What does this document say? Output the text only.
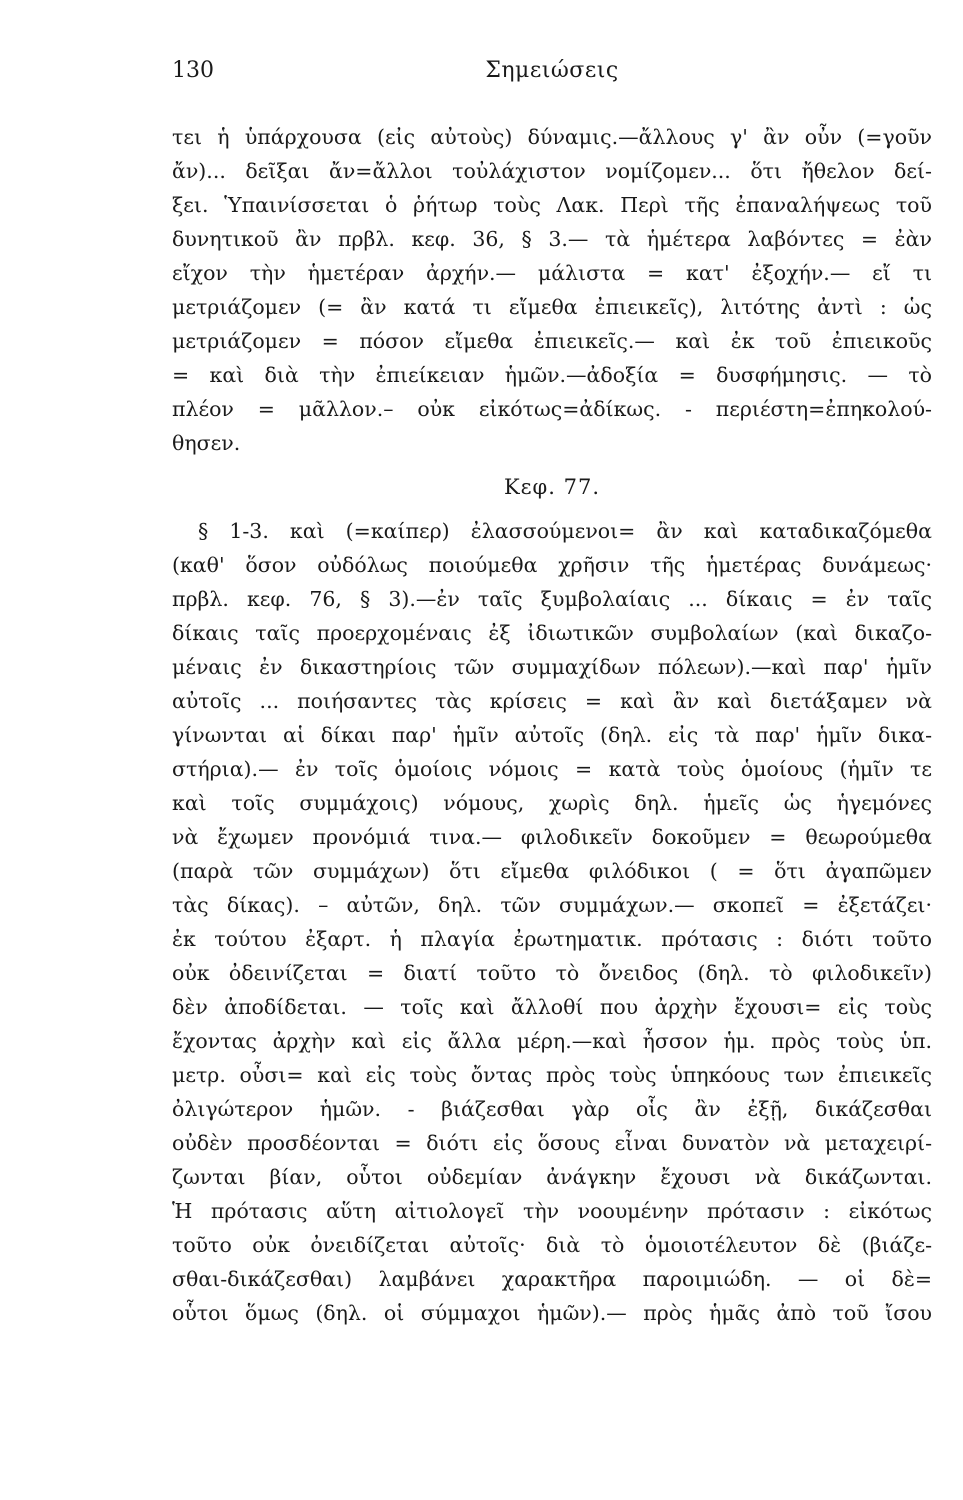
130	Σημειώσεις
τει ἡ ὑπάρχουσα (εἰς αὐτοὺς) δύναμις.—ἄλλους γ' ἂν οὖν (=γοῦν
ἄν)... δεῖξαι ἄν=ἄλλοι τοὐλάχιστον νομίζομεν... ὅτι ἤθελον δεί-
ξει. Ὑπαινίσσεται ὁ ῥήτωρ τοὺς Λακ. Περὶ τῆς ἐπαναλήψεως τοῦ
δυνητικοῦ ἂν πρβλ. κεφ. 36, § 3.— τὰ ἡμέτερα λαβόντες = ἐὰν
εἴχον τὴν ἡμετέραν ἀρχήν.— μάλιστα = κατ' ἐξοχήν.— εἴ τι
μετριάζομεν (= ἂν κατά τι εἴμεθα ἐπιεικεῖς), λιτότης ἀντὶ : ὡς
μετριάζομεν = πόσον εἴμεθα ἐπιεικεῖς.— καὶ ἐκ τοῦ ἐπιεικοῦς
= καὶ διὰ τὴν ἐπιείκειαν ἡμῶν.—ἀδοξία = δυσφήμησις. — τὸ
πλέον = μᾶλλον.– οὐκ εἰκότως=ἀδίκως. - περιέστη=ἐπηκολού-
θησεν.
Κεφ. 77.
§ 1-3. καὶ (=καίπερ) ἐλασσούμενοι= ἂν καὶ καταδικαζόμεθα
(καθ' ὅσον οὐδόλως ποιούμεθα χρῆσιν τῆς ἡμετέρας δυνάμεως·
πρβλ. κεφ. 76, § 3).—ἐν ταῖς ξυμβολαίαις ... δίκαις = ἐν ταῖς
δίκαις ταῖς προερχομέναις ἐξ ἰδιωτικῶν συμβολαίων (καὶ δικαζο-
μέναις ἐν δικαστηρίοις τῶν συμμαχίδων πόλεων).—καὶ παρ' ἡμῖν
αὐτοῖς ... ποιήσαντες τὰς κρίσεις = καὶ ἂν καὶ διετάξαμεν νὰ
γίνωνται αἱ δίκαι παρ' ἡμῖν αὐτοῖς (δηλ. εἰς τὰ παρ' ἡμῖν δικα-
στήρια).— ἐν τοῖς ὁμοίοις νόμοις = κατὰ τοὺς ὁμοίους (ἡμῖν τε
καὶ τοῖς συμμάχοις) νόμους, χωρὶς δηλ. ἡμεῖς ὡς ἡγεμόνες
νὰ ἔχωμεν προνόμιά τινα.— φιλοδικεῖν δοκοῦμεν = θεωρούμεθα
(παρὰ τῶν συμμάχων) ὅτι εἴμεθα φιλόδικοι ( = ὅτι ἀγαπῶμεν
τὰς δίκας). – αὐτῶν, δηλ. τῶν συμμάχων.— σκοπεῖ = ἐξετάζει·
ἐκ τούτου ἐξαρτ. ἡ πλαγία ἐρωτηματικ. πρότασις : διότι τοῦτο
οὐκ ὀδεινίζεται = διατί τοῦτο τὸ ὄνειδος (δηλ. τὸ φιλοδικεῖν)
δὲν ἀποδίδεται. — τοῖς καὶ ἄλλοθί που ἀρχὴν ἔχουσι= εἰς τοὺς
ἔχοντας ἀρχὴν καὶ εἰς ἄλλα μέρη.—καὶ ἧσσον ἡμ. πρὸς τοὺς ὑπ.
μετρ. οὖσι= καὶ εἰς τοὺς ὄντας πρὸς τοὺς ὑπηκόους των ἐπιεικεῖς
ὀλιγώτερον ἡμῶν. - βιάζεσθαι γὰρ οἷς ἂν ἐξῇ, δικάζεσθαι
οὐδὲν προσδέονται = διότι εἰς ὅσους εἶναι δυνατὸν νὰ μεταχειρί-
ζωνται βίαν, οὗτοι οὐδεμίαν ἀνάγκην ἔχουσι νὰ δικάζωνται.
Ἡ πρότασις αὕτη αἰτιολογεῖ τὴν νοουμένην πρότασιν : εἰκότως
τοῦτο οὐκ ὀνειδίζεται αὐτοῖς· διὰ τὸ ὁμοιοτέλευτον δὲ (βιάζε-
σθαι-δικάζεσθαι) λαμβάνει χαρακτῆρα παροιμιώδη. — οἱ δὲ=
οὗτοι ὅμως (δηλ. οἱ σύμμαχοι ἡμῶν).— πρὸς ἡμᾶς ἀπὸ τοῦ ἴσου
